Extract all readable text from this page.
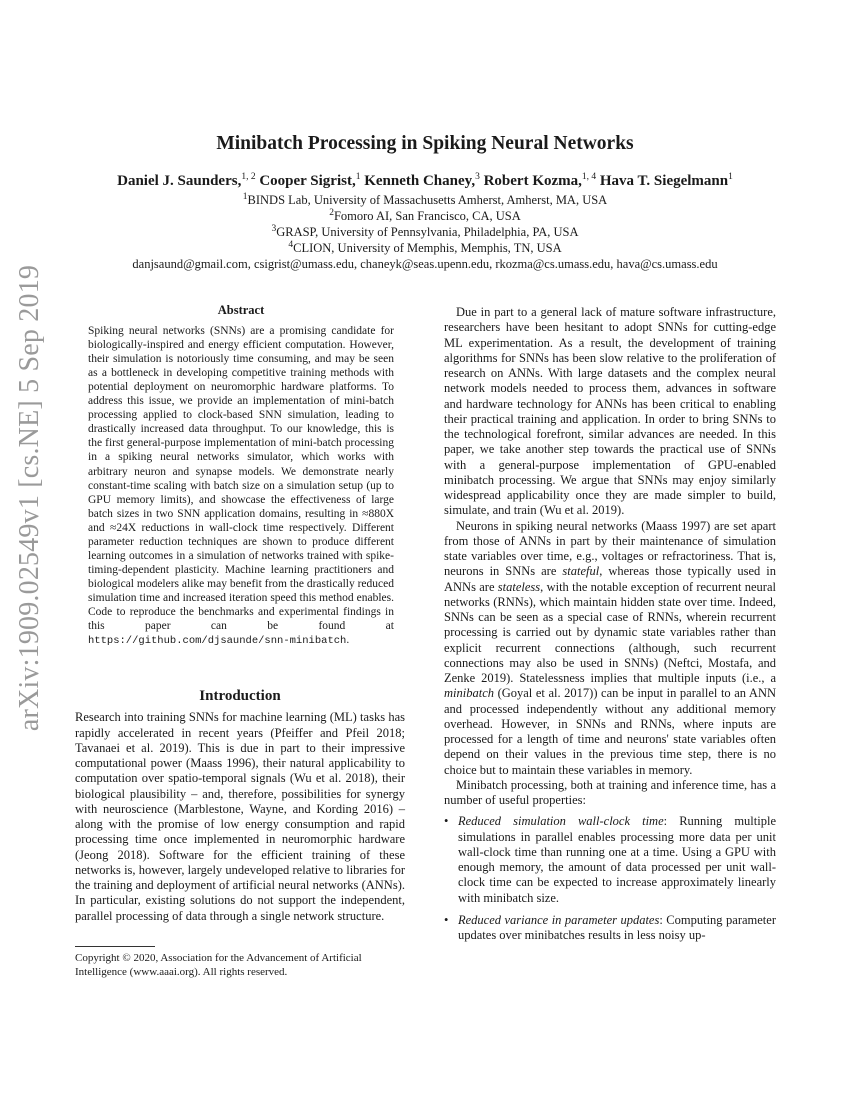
arXiv:1909.02549v1 [cs.NE] 5 Sep 2019
Minibatch Processing in Spiking Neural Networks
Daniel J. Saunders,$^{1, 2}$ Cooper Sigrist,$^1$ Kenneth Chaney,$^3$ Robert Kozma,$^{1, 4}$ Hava T. Siegelmann$^1$
$^1$BINDS Lab, University of Massachusetts Amherst, Amherst, MA, USA
$^2$Fomoro AI, San Francisco, CA, USA
$^3$GRASP, University of Pennsylvania, Philadelphia, PA, USA
$^4$CLION, University of Memphis, Memphis, TN, USA
danjsaund@gmail.com, csigrist@umass.edu, chaneyk@seas.upenn.edu, rkozma@cs.umass.edu, hava@cs.umass.edu
Abstract

Spiking neural networks (SNNs) are a promising candidate for biologically-inspired and energy efficient computation. However, their simulation is notoriously time consuming, and may be seen as a bottleneck in developing competitive training methods with potential deployment on neuromorphic hardware platforms. To address this issue, we provide an implementation of mini-batch processing applied to clock-based SNN simulation, leading to drastically increased data throughput. To our knowledge, this is the first general-purpose implementation of mini-batch processing in a spiking neural networks simulator, which works with arbitrary neuron and synapse models. We demonstrate nearly constant-time scaling with batch size on a simulation setup (up to GPU memory limits), and showcase the effectiveness of large batch sizes in two SNN application domains, resulting in ≈880X and ≈24X reductions in wall-clock time respectively. Different parameter reduction techniques are shown to produce different learning outcomes in a simulation of networks trained with spike-timing-dependent plasticity. Machine learning practitioners and biological modelers alike may benefit from the drastically reduced simulation time and increased iteration speed this method enables. Code to reproduce the benchmarks and experimental findings in this paper can be found at https://github.com/djsaunde/snn-minibatch.

Introduction

Research into training SNNs for machine learning (ML) tasks has rapidly accelerated in recent years (Pfeiffer and Pfeil 2018; Tavanaei et al. 2019). This is due in part to their impressive computational power (Maass 1996), their natural applicability to computation over spatio-temporal signals (Wu et al. 2018), their biological plausibility – and, therefore, possibilities for synergy with neuroscience (Marblestone, Wayne, and Kording 2016) – along with the promise of low energy consumption and rapid processing time once implemented in neuromorphic hardware (Jeong 2018). Software for the efficient training of these networks is, however, largely undeveloped relative to libraries for the training and deployment of artificial neural networks (ANNs). In particular, existing solutions do not support the independent, parallel processing of data through a single network structure.

Copyright © 2020, Association for the Advancement of Artificial Intelligence (www.aaai.org). All rights reserved.

Due in part to a general lack of mature software infrastructure, researchers have been hesitant to adopt SNNs for cutting-edge ML experimentation. As a result, the development of training algorithms for SNNs has been slow relative to the proliferation of research on ANNs. With large datasets and the complex neural network models needed to process them, advances in software and hardware technology for ANNs has been critical to enabling their practical training and application. In order to bring SNNs to the technological forefront, similar advances are needed. In this paper, we take another step towards the practical use of SNNs with a general-purpose implementation of GPU-enabled minibatch processing. We argue that SNNs may enjoy similarly widespread applicability once they are made simpler to build, simulate, and train (Wu et al. 2019).

Neurons in spiking neural networks (Maass 1997) are set apart from those of ANNs in part by their maintenance of simulation state variables over time, e.g., voltages or refractoriness. That is, neurons in SNNs are stateful, whereas those typically used in ANNs are stateless, with the notable exception of recurrent neural networks (RNNs), which maintain hidden state over time. Indeed, SNNs can be seen as a special case of RNNs, wherein recurrent processing is carried out by dynamic state variables rather than explicit recurrent connections (although, such recurrent connections may also be used in SNNs) (Neftci, Mostafa, and Zenke 2019). Statelessness implies that multiple inputs (i.e., a minibatch (Goyal et al. 2017)) can be input in parallel to an ANN and processed independently without any additional memory overhead. However, in SNNs and RNNs, where inputs are processed for a length of time and neurons' state variables often depend on their values in the previous time step, there is no choice but to maintain these variables in memory.

Minibatch processing, both at training and inference time, has a number of useful properties:

• Reduced simulation wall-clock time: Running multiple simulations in parallel enables processing more data per unit wall-clock time than running one at a time. Using a GPU with enough memory, the amount of data processed per unit wall-clock time can be expected to increase approximately linearly with minibatch size.
• Reduced variance in parameter updates: Computing parameter updates over minibatches results in less noisy up-
